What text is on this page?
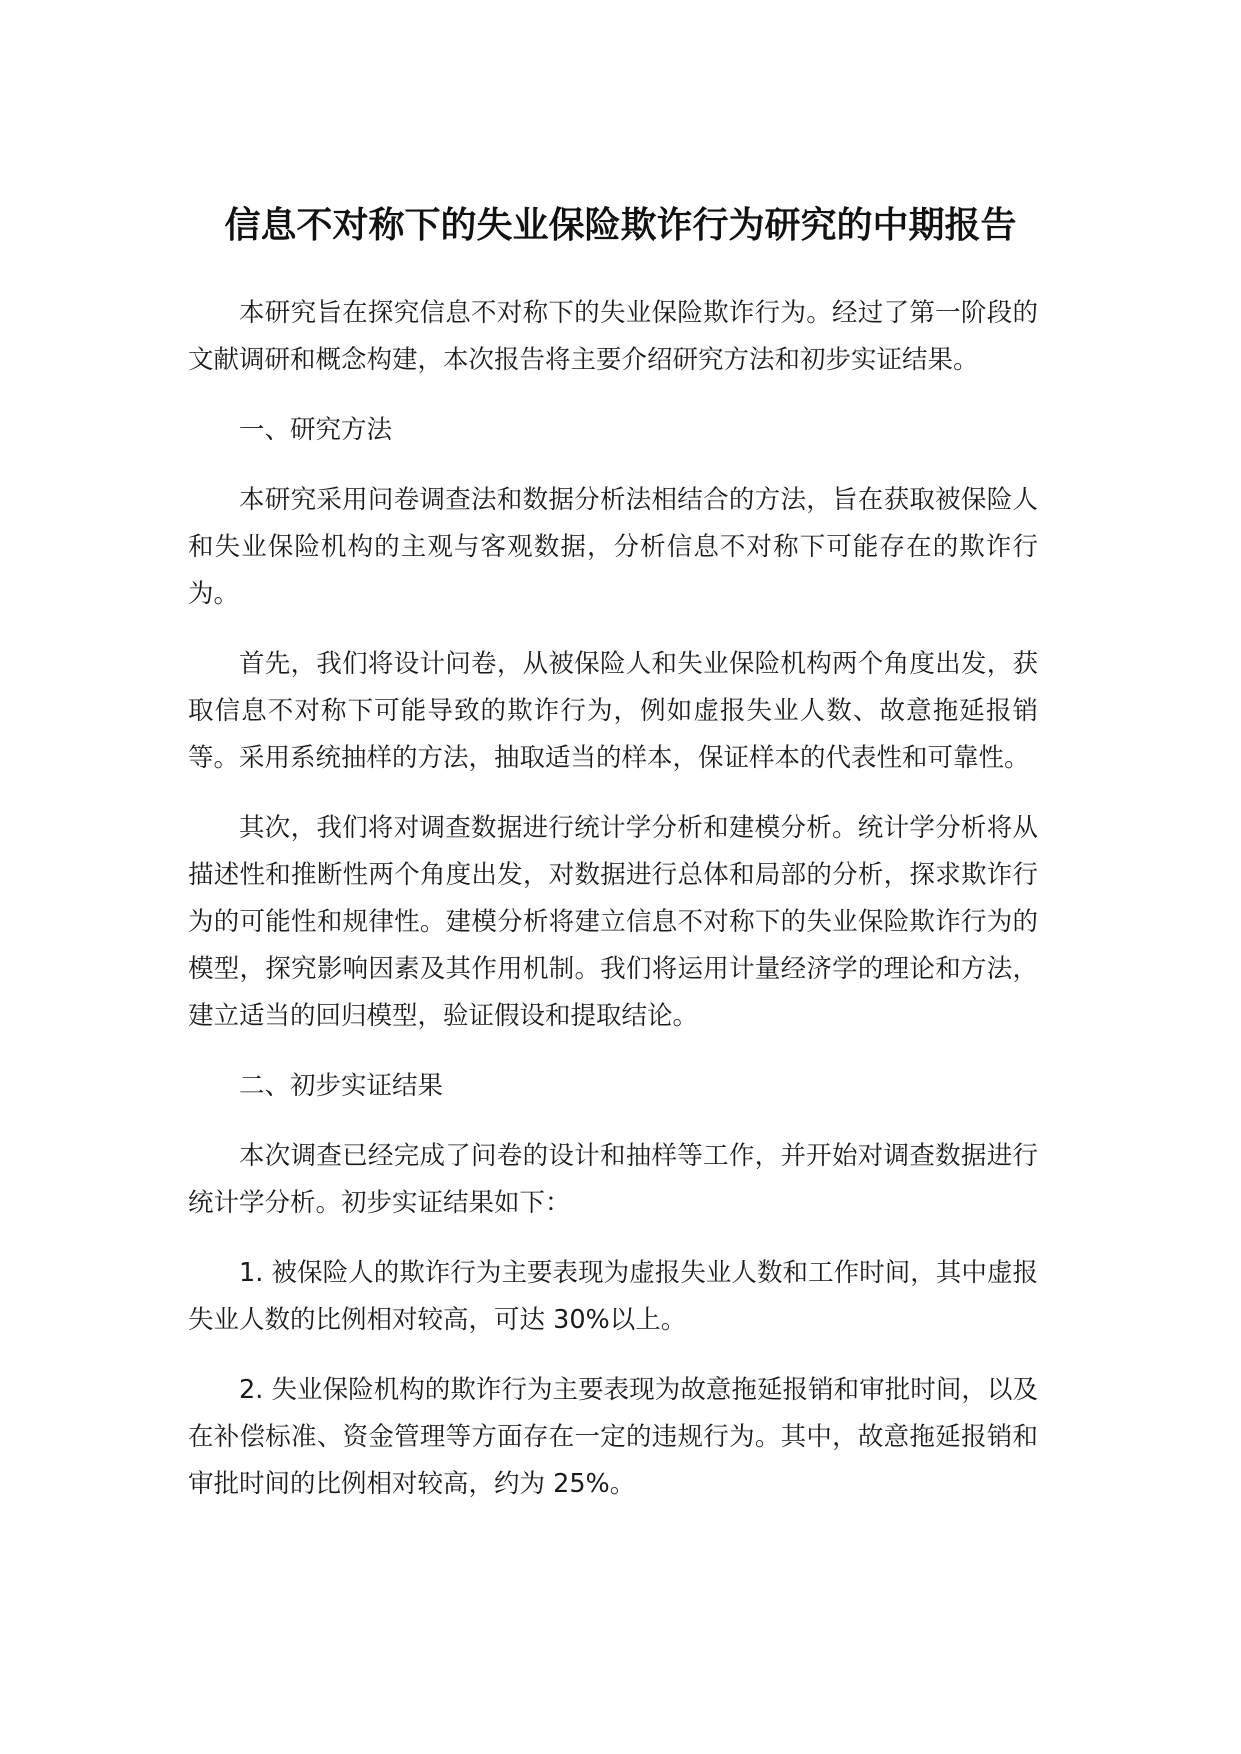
信息不对称下的失业保险欺诈行为研究的中期报告

本研究旨在探究信息不对称下的失业保险欺诈行为。经过了第一阶段的文献调研和概念构建，本次报告将主要介绍研究方法和初步实证结果。

一、研究方法

本研究采用问卷调查法和数据分析法相结合的方法，旨在获取被保险人和失业保险机构的主观与客观数据，分析信息不对称下可能存在的欺诈行为。

首先，我们将设计问卷，从被保险人和失业保险机构两个角度出发，获取信息不对称下可能导致的欺诈行为，例如虚报失业人数、故意拖延报销等。采用系统抽样的方法，抽取适当的样本，保证样本的代表性和可靠性。

其次，我们将对调查数据进行统计学分析和建模分析。统计学分析将从描述性和推断性两个角度出发，对数据进行总体和局部的分析，探求欺诈行为的可能性和规律性。建模分析将建立信息不对称下的失业保险欺诈行为的模型，探究影响因素及其作用机制。我们将运用计量经济学的理论和方法，建立适当的回归模型，验证假设和提取结论。

二、初步实证结果

本次调查已经完成了问卷的设计和抽样等工作，并开始对调查数据进行统计学分析。初步实证结果如下：

1. 被保险人的欺诈行为主要表现为虚报失业人数和工作时间，其中虚报失业人数的比例相对较高，可达 30%以上。

2. 失业保险机构的欺诈行为主要表现为故意拖延报销和审批时间，以及在补偿标准、资金管理等方面存在一定的违规行为。其中，故意拖延报销和审批时间的比例相对较高，约为 25%。
